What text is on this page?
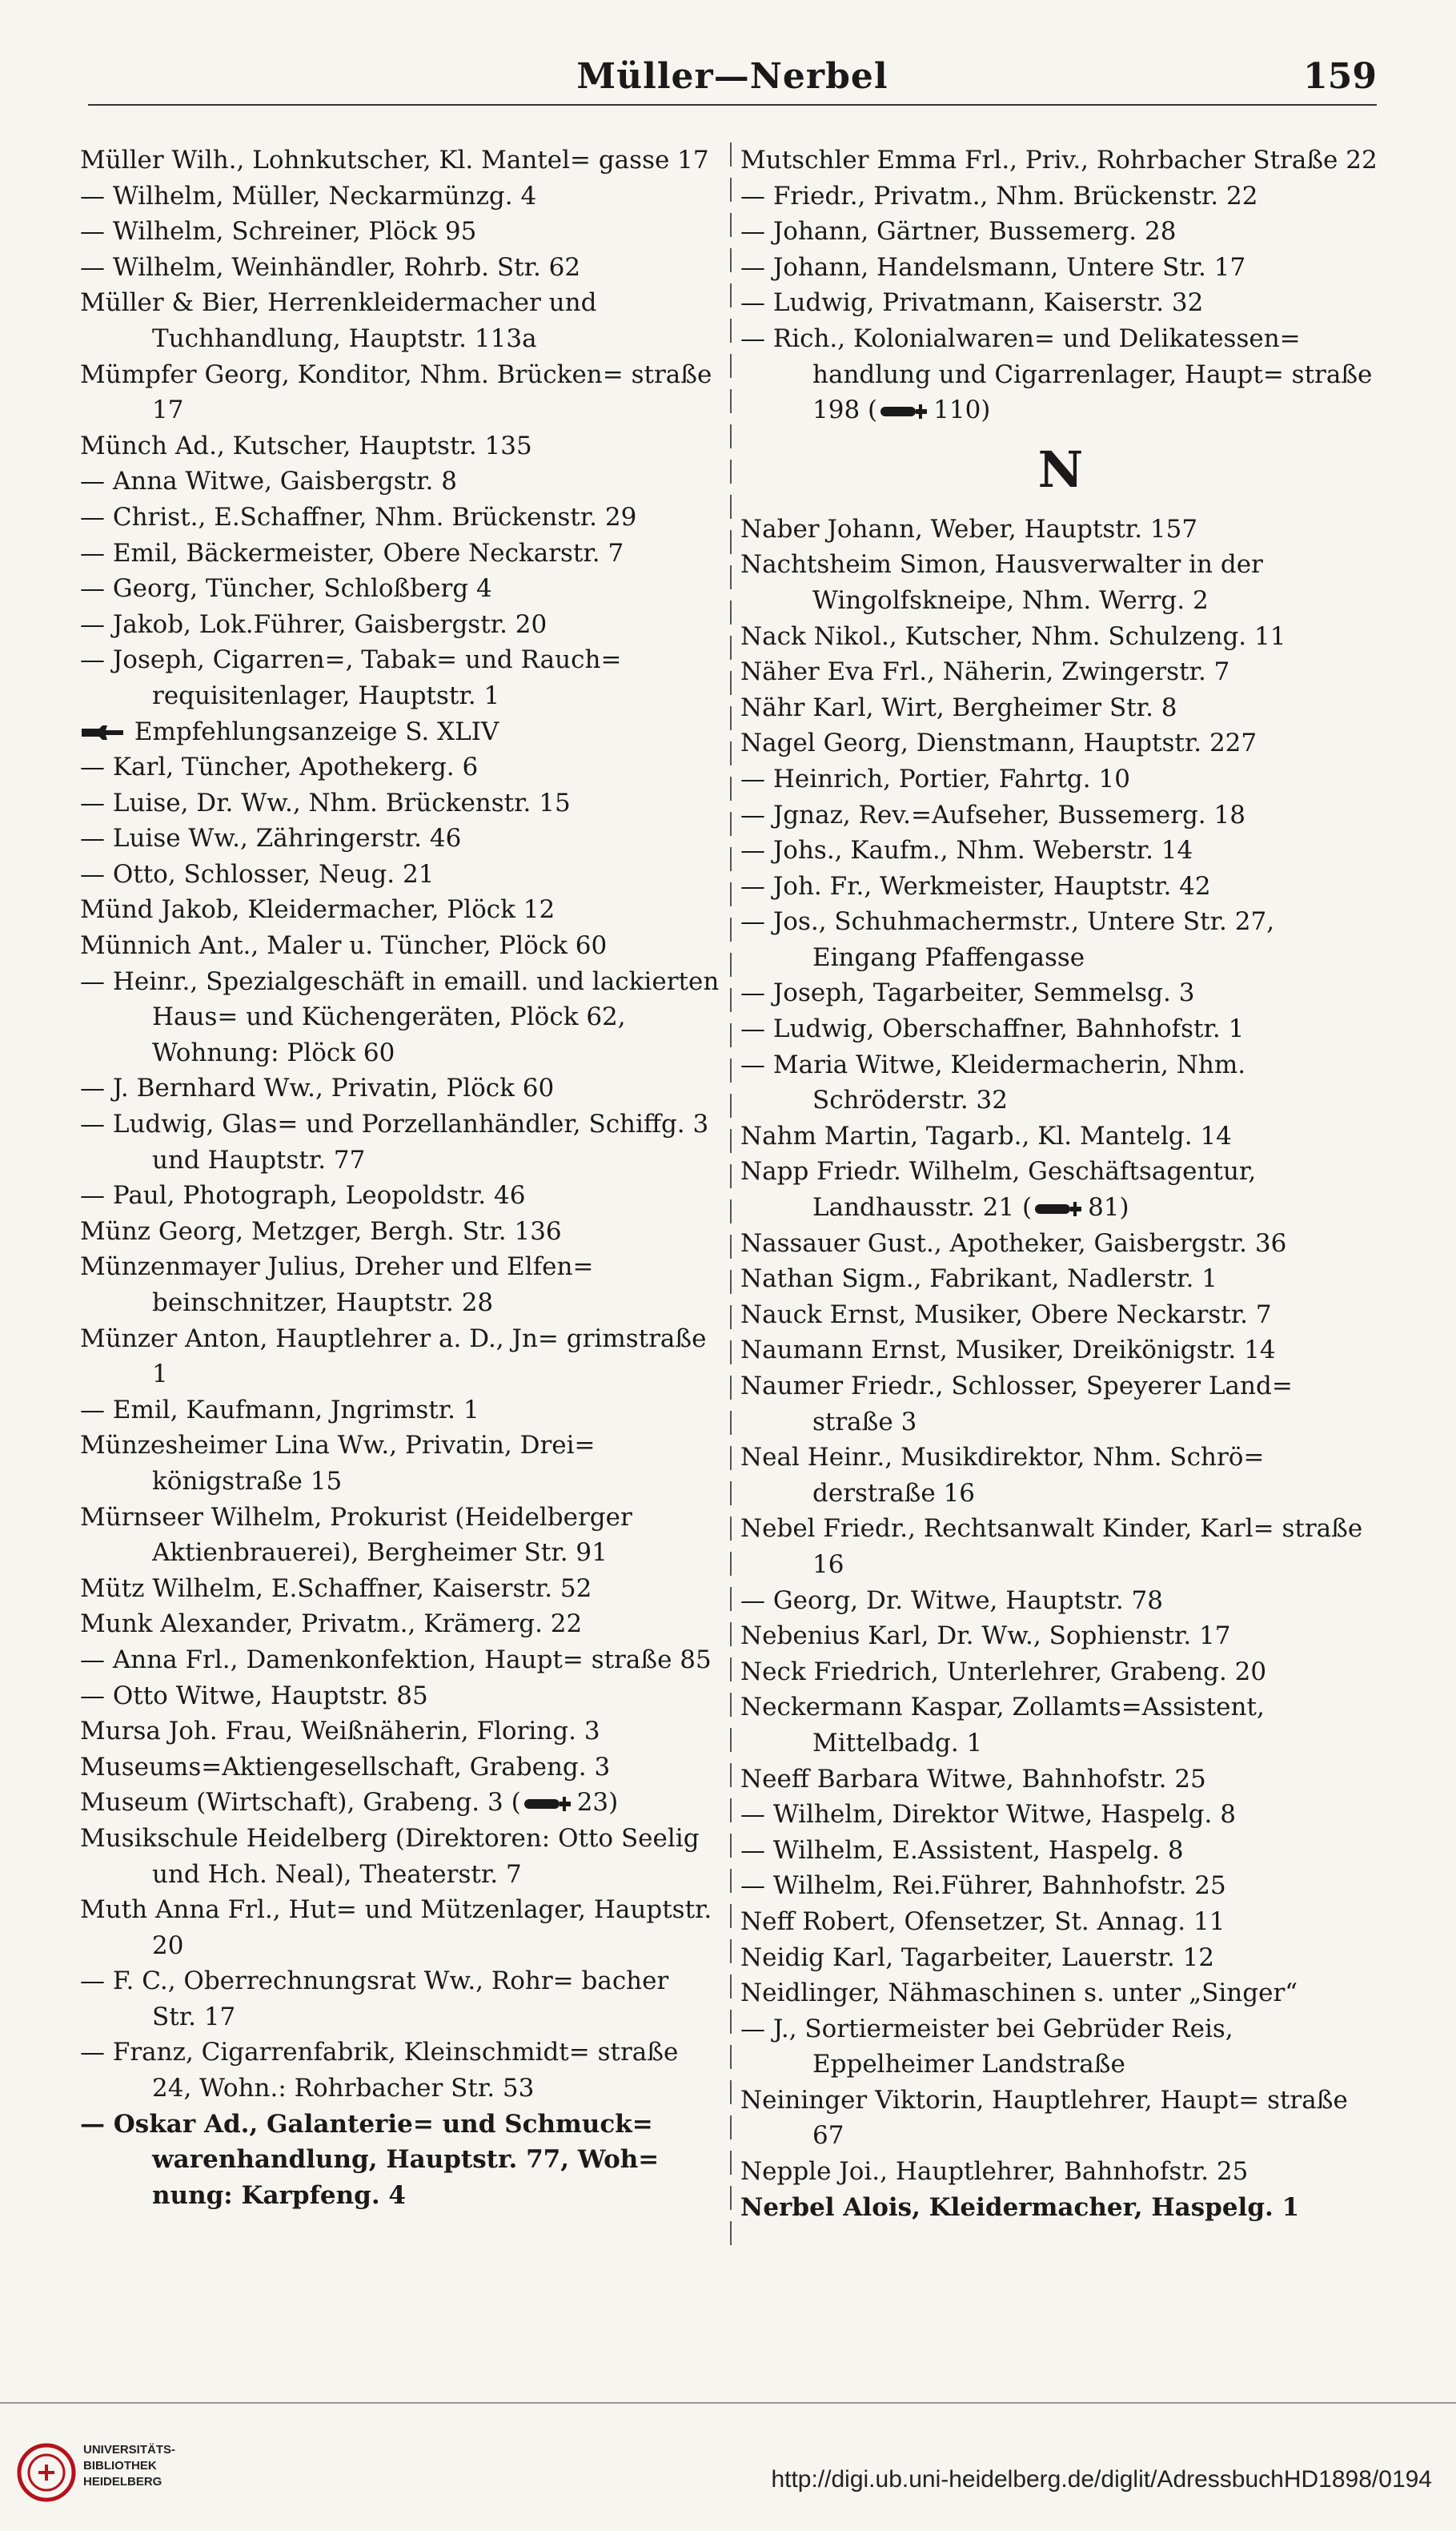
Müller—Nerbel	159

Müller Wilh., Lohnkutscher, Kl. Mantel= gasse 17

— Wilhelm, Müller, Neckarmünzg. 4

— Wilhelm, Schreiner, Plöck 95

— Wilhelm, Weinhändler, Rohrb. Str. 62

Müller & Bier, Herrenkleidermacher und Tuchhandlung, Hauptstr. 113a

Mümpfer Georg, Konditor, Nhm. Brücken= straße 17

Münch Ad., Kutscher, Hauptstr. 135

— Anna Witwe, Gaisbergstr. 8

— Christ., E.Schaffner, Nhm. Brückenstr. 29

— Emil, Bäckermeister, Obere Neckarstr. 7

— Georg, Tüncher, Schloßberg 4

— Jakob, Lok.Führer, Gaisbergstr. 20

— Joseph, Cigarren=, Tabak= und Rauch= requisitenlager, Hauptstr. 1

Empfehlungsanzeige S. XLIV

— Karl, Tüncher, Apothekerg. 6

— Luise, Dr. Ww., Nhm. Brückenstr. 15

— Luise Ww., Zähringerstr. 46

— Otto, Schlosser, Neug. 21

Münd Jakob, Kleidermacher, Plöck 12

Münnich Ant., Maler u. Tüncher, Plöck 60

— Heinr., Spezialgeschäft in emaill. und lackierten Haus= und Küchengeräten, Plöck 62, Wohnung: Plöck 60

— J. Bernhard Ww., Privatin, Plöck 60

— Ludwig, Glas= und Porzellanhändler, Schiffg. 3 und Hauptstr. 77

— Paul, Photograph, Leopoldstr. 46

Münz Georg, Metzger, Bergh. Str. 136

Münzenmayer Julius, Dreher und Elfen= beinschnitzer, Hauptstr. 28

Münzer Anton, Hauptlehrer a. D., Jn= grimstraße 1

— Emil, Kaufmann, Jngrimstr. 1

Münzesheimer Lina Ww., Privatin, Drei= königstraße 15

Mürnseer Wilhelm, Prokurist (Heidelberger Aktienbrauerei), Bergheimer Str. 91

Mütz Wilhelm, E.Schaffner, Kaiserstr. 52

Munk Alexander, Privatm., Krämerg. 22

— Anna Frl., Damenkonfektion, Haupt= straße 85

— Otto Witwe, Hauptstr. 85

Mursa Joh. Frau, Weißnäherin, Floring. 3

Museums=Aktiengesellschaft, Grabeng. 3

Museum (Wirtschaft), Grabeng. 3 ( 23)

Musikschule Heidelberg (Direktoren: Otto Seelig und Hch. Neal), Theaterstr. 7

Muth Anna Frl., Hut= und Mützenlager, Hauptstr. 20

— F. C., Oberrechnungsrat Ww., Rohr= bacher Str. 17

— Franz, Cigarrenfabrik, Kleinschmidt= straße 24, Wohn.: Rohrbacher Str. 53

— Oskar Ad., Galanterie= und Schmuck= warenhandlung, Hauptstr. 77, Woh= nung: Karpfeng. 4

Mutschler Emma Frl., Priv., Rohrbacher Straße 22

— Friedr., Privatm., Nhm. Brückenstr. 22

— Johann, Gärtner, Bussemerg. 28

— Johann, Handelsmann, Untere Str. 17

— Ludwig, Privatmann, Kaiserstr. 32

— Rich., Kolonialwaren= und Delikatessen= handlung und Cigarrenlager, Haupt= straße 198 ( 110)

N

Naber Johann, Weber, Hauptstr. 157

Nachtsheim Simon, Hausverwalter in der Wingolfskneipe, Nhm. Werrg. 2

Nack Nikol., Kutscher, Nhm. Schulzeng. 11

Näher Eva Frl., Näherin, Zwingerstr. 7

Nähr Karl, Wirt, Bergheimer Str. 8

Nagel Georg, Dienstmann, Hauptstr. 227

— Heinrich, Portier, Fahrtg. 10

— Jgnaz, Rev.=Aufseher, Bussemerg. 18

— Johs., Kaufm., Nhm. Weberstr. 14

— Joh. Fr., Werkmeister, Hauptstr. 42

— Jos., Schuhmachermstr., Untere Str. 27, Eingang Pfaffengasse

— Joseph, Tagarbeiter, Semmelsg. 3

— Ludwig, Oberschaffner, Bahnhofstr. 1

— Maria Witwe, Kleidermacherin, Nhm. Schröderstr. 32

Nahm Martin, Tagarb., Kl. Mantelg. 14

Napp Friedr. Wilhelm, Geschäftsagentur, Landhausstr. 21 ( 81)

Nassauer Gust., Apotheker, Gaisbergstr. 36

Nathan Sigm., Fabrikant, Nadlerstr. 1

Nauck Ernst, Musiker, Obere Neckarstr. 7

Naumann Ernst, Musiker, Dreikönigstr. 14

Naumer Friedr., Schlosser, Speyerer Land= straße 3

Neal Heinr., Musikdirektor, Nhm. Schrö= derstraße 16

Nebel Friedr., Rechtsanwalt Kinder, Karl= straße 16

— Georg, Dr. Witwe, Hauptstr. 78

Nebenius Karl, Dr. Ww., Sophienstr. 17

Neck Friedrich, Unterlehrer, Grabeng. 20

Neckermann Kaspar, Zollamts=Assistent, Mittelbadg. 1

Neeff Barbara Witwe, Bahnhofstr. 25

— Wilhelm, Direktor Witwe, Haspelg. 8

— Wilhelm, E.Assistent, Haspelg. 8

— Wilhelm, Rei.Führer, Bahnhofstr. 25

Neff Robert, Ofensetzer, St. Annag. 11

Neidig Karl, Tagarbeiter, Lauerstr. 12

Neidlinger, Nähmaschinen s. unter „Singer“

— J., Sortiermeister bei Gebrüder Reis, Eppelheimer Landstraße

Neininger Viktorin, Hauptlehrer, Haupt= straße 67

Nepple Joi., Hauptlehrer, Bahnhofstr. 25

Nerbel Alois, Kleidermacher, Haspelg. 1

UNIVERSITÄTS-
BIBLIOTHEK
HEIDELBERG	http://digi.ub.uni-heidelberg.de/diglit/AdressbuchHD1898/0194
